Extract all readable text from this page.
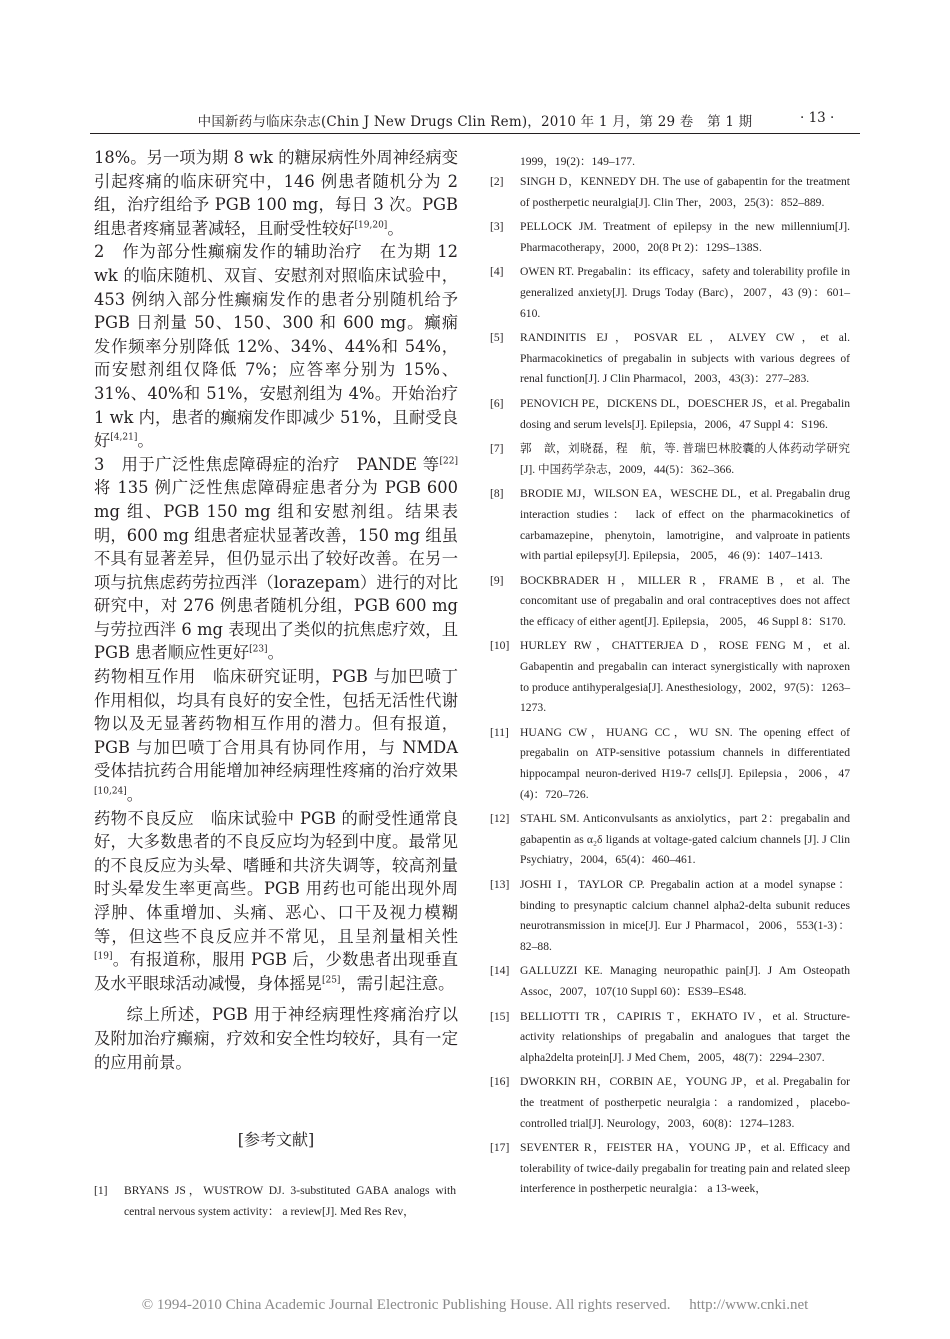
中国新药与临床杂志(Chin J New Drugs Clin Rem)，2010 年 1 月，第 29 卷　第 1 期	· 13 ·

18%。另一项为期 8 wk 的糖尿病性外周神经病变引起疼痛的临床研究中，146 例患者随机分为 2 组，治疗组给予 PGB 100 mg，每日 3 次。PGB 组患者疼痛显著减轻，且耐受性较好[19,20]。

2　作为部分性癫痫发作的辅助治疗　在为期 12 wk 的临床随机、双盲、安慰剂对照临床试验中，453 例纳入部分性癫痫发作的患者分别随机给予 PGB 日剂量 50、150、300 和 600 mg。癫痫发作频率分别降低 12%、34%、44%和 54%，而安慰剂组仅降低 7%；应答率分别为 15%、31%、40%和 51%，安慰剂组为 4%。开始治疗 1 wk 内，患者的癫痫发作即减少 51%，且耐受良好[4,21]。

3　用于广泛性焦虑障碍症的治疗　PANDE 等[22]将 135 例广泛性焦虑障碍症患者分为 PGB 600 mg 组、PGB 150 mg 组和安慰剂组。结果表明，600 mg 组患者症状显著改善，150 mg 组虽不具有显著差异，但仍显示出了较好改善。在另一项与抗焦虑药劳拉西泮（lorazepam）进行的对比研究中，对 276 例患者随机分组，PGB 600 mg 与劳拉西泮 6 mg 表现出了类似的抗焦虑疗效，且 PGB 患者顺应性更好[23]。

药物相互作用　临床研究证明，PGB 与加巴喷丁作用相似，均具有良好的安全性，包括无活性代谢物以及无显著药物相互作用的潜力。但有报道，PGB 与加巴喷丁合用具有协同作用，与 NMDA 受体拮抗药合用能增加神经病理性疼痛的治疗效果[10,24]。

药物不良反应　临床试验中 PGB 的耐受性通常良好，大多数患者的不良反应均为轻到中度。最常见的不良反应为头晕、嗜睡和共济失调等，较高剂量时头晕发生率更高些。PGB 用药也可能出现外周浮肿、体重增加、头痛、恶心、口干及视力模糊等，但这些不良反应并不常见，且呈剂量相关性[19]。有报道称，服用 PGB 后，少数患者出现垂直及水平眼球活动减慢，身体摇晃[25]，需引起注意。

综上所述，PGB 用于神经病理性疼痛治疗以及附加治疗癫痫，疗效和安全性均较好，具有一定的应用前景。

[参考文献]
[1] BRYANS JS，WUSTROW DJ. 3-substituted GABA analogs with central nervous system activity： a review[J]. Med Res Rev，
1999，19(2)：149–177.
[2] SINGH D，KENNEDY DH. The use of gabapentin for the treatment of postherpetic neuralgia[J]. Clin Ther，2003，25(3)：852–889.
[3] PELLOCK JM. Treatment of epilepsy in the new millennium[J]. Pharmacotherapy，2000，20(8 Pt 2)：129S–138S.
[4] OWEN RT. Pregabalin：its efficacy，safety and tolerability profile in generalized anxiety[J]. Drugs Today (Barc)，2007，43 (9)：601–610.
[5] RANDINITIS EJ，POSVAR EL，ALVEY CW，et al. Pharmacokinetics of pregabalin in subjects with various degrees of renal function[J]. J Clin Pharmacol，2003，43(3)：277–283.
[6] PENOVICH PE，DICKENS DL，DOESCHER JS，et al. Pregabalin dosing and serum levels[J]. Epilepsia，2006，47 Suppl 4：S196.
[7] 郭　歆，刘晓磊，程　航，等. 普瑞巴林胶囊的人体药动学研究[J]. 中国药学杂志，2009，44(5)：362–366.
[8] BRODIE MJ，WILSON EA，WESCHE DL，et al. Pregabalin drug interaction studies： lack of effect on the pharmacokinetics of carbamazepine， phenytoin， lamotrigine， and valproate in patients with partial epilepsy[J]. Epilepsia， 2005， 46 (9)：1407–1413.
[9] BOCKBRADER H，MILLER R，FRAME B，et al. The concomitant use of pregabalin and oral contraceptives does not affect the efficacy of either agent[J]. Epilepsia， 2005， 46 Suppl 8：S170.
[10] HURLEY RW，CHATTERJEA D，ROSE FENG M，et al. Gabapentin and pregabalin can interact synergistically with naproxen to produce antihyperalgesia[J]. Anesthesiology，2002，97(5)：1263–1273.
[11] HUANG CW，HUANG CC，WU SN. The opening effect of pregabalin on ATP-sensitive potassium channels in differentiated hippocampal neuron-derived H19-7 cells[J]. Epilepsia，2006，47 (4)：720–726.
[12] STAHL SM. Anticonvulsants as anxiolytics，part 2：pregabalin and gabapentin as α₂δ ligands at voltage-gated calcium channels [J]. J Clin Psychiatry，2004，65(4)：460–461.
[13] JOSHI I，TAYLOR CP. Pregabalin action at a model synapse：binding to presynaptic calcium channel alpha2-delta subunit reduces neurotransmission in mice[J]. Eur J Pharmacol，2006，553(1-3)：82–88.
[14] GALLUZZI KE. Managing neuropathic pain[J]. J Am Osteopath Assoc，2007，107(10 Suppl 60)：ES39–ES48.
[15] BELLIOTTI TR，CAPIRIS T，EKHATO IV，et al. Structure-activity relationships of pregabalin and analogues that target the alpha2delta protein[J]. J Med Chem，2005，48(7)：2294–2307.
[16] DWORKIN RH，CORBIN AE，YOUNG JP，et al. Pregabalin for the treatment of postherpetic neuralgia：a randomized，placebo-controlled trial[J]. Neurology，2003，60(8)：1274–1283.
[17] SEVENTER R，FEISTER HA，YOUNG JP，et al. Efficacy and tolerability of twice-daily pregabalin for treating pain and related sleep interference in postherpetic neuralgia： a 13-week，
© 1994-2010 China Academic Journal Electronic Publishing House. All rights reserved.　 http://www.cnki.net
